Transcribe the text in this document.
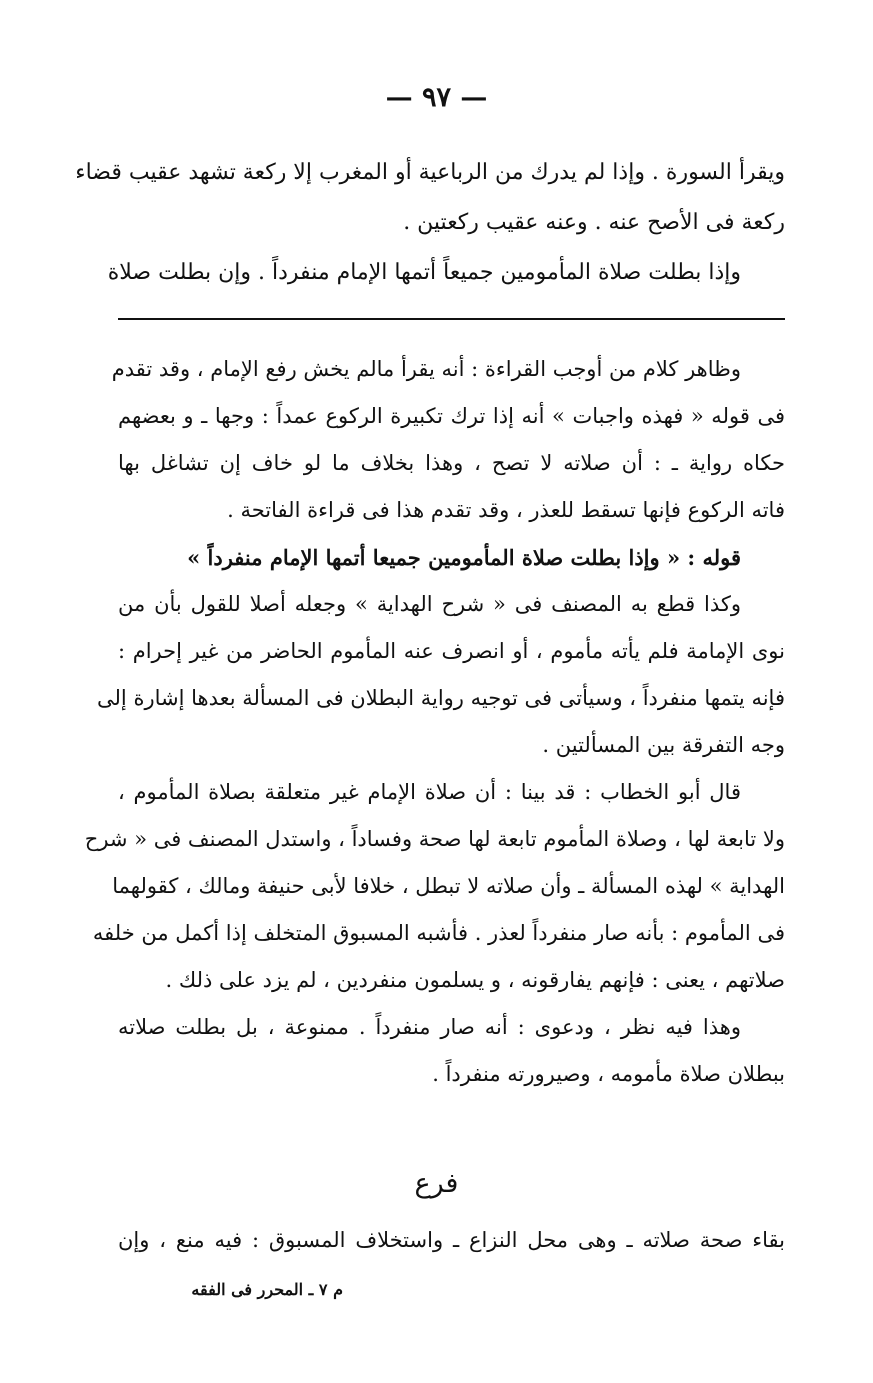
— ٩٧ —
ويقرأ السورة . وإذا لم يدرك من الرباعية أو المغرب إلا ركعة تشهد عقيب قضاء
ركعة فى الأصح عنه . وعنه عقيب ركعتين .
وإذا بطلت صلاة المأمومين جميعاً أتمها الإمام منفرداً . وإن بطلت صلاة
وظاهر كلام من أوجب القراءة : أنه يقرأ مالم يخش رفع الإمام ، وقد تقدم
فى قوله « فهذه واجبات » أنه إذا ترك تكبيرة الركوع عمداً : وجها ـ و بعضهم
حكاه رواية ـ : أن صلاته لا تصح ، وهذا بخلاف ما لو خاف إن تشاغل بها
فاته الركوع فإنها تسقط للعذر ، وقد تقدم هذا فى قراءة الفاتحة .
قوله : « وإذا بطلت صلاة المأمومين جميعا أتمها الإمام منفرداً »
وكذا قطع به المصنف فى « شرح الهداية » وجعله أصلا للقول بأن من
نوى الإمامة فلم يأته مأموم ، أو انصرف عنه المأموم الحاضر من غير إحرام :
فإنه يتمها منفرداً ، وسيأتى فى توجيه رواية البطلان فى المسألة بعدها إشارة إلى
وجه التفرقة بين المسألتين .
قال أبو الخطاب : قد بينا : أن صلاة الإمام غير متعلقة بصلاة المأموم ،
ولا تابعة لها ، وصلاة المأموم تابعة لها صحة وفساداً ، واستدل المصنف فى « شرح
الهداية » لهذه المسألة ـ وأن صلاته لا تبطل ، خلافا لأبى حنيفة ومالك ، كقولهما
فى المأموم : بأنه صار منفرداً لعذر . فأشبه المسبوق المتخلف إذا أكمل من خلفه
صلاتهم ، يعنى : فإنهم يفارقونه ، و يسلمون منفردين ، لم يزد على ذلك .
وهذا فيه نظر ، ودعوى : أنه صار منفرداً . ممنوعة ، بل بطلت صلاته
ببطلان صلاة مأمومه ، وصيرورته منفرداً .
فرع
بقاء صحة صلاته ـ وهى محل النزاع ـ واستخلاف المسبوق : فيه منع ، وإن
م ٧ ـ المحرر فى الفقه
